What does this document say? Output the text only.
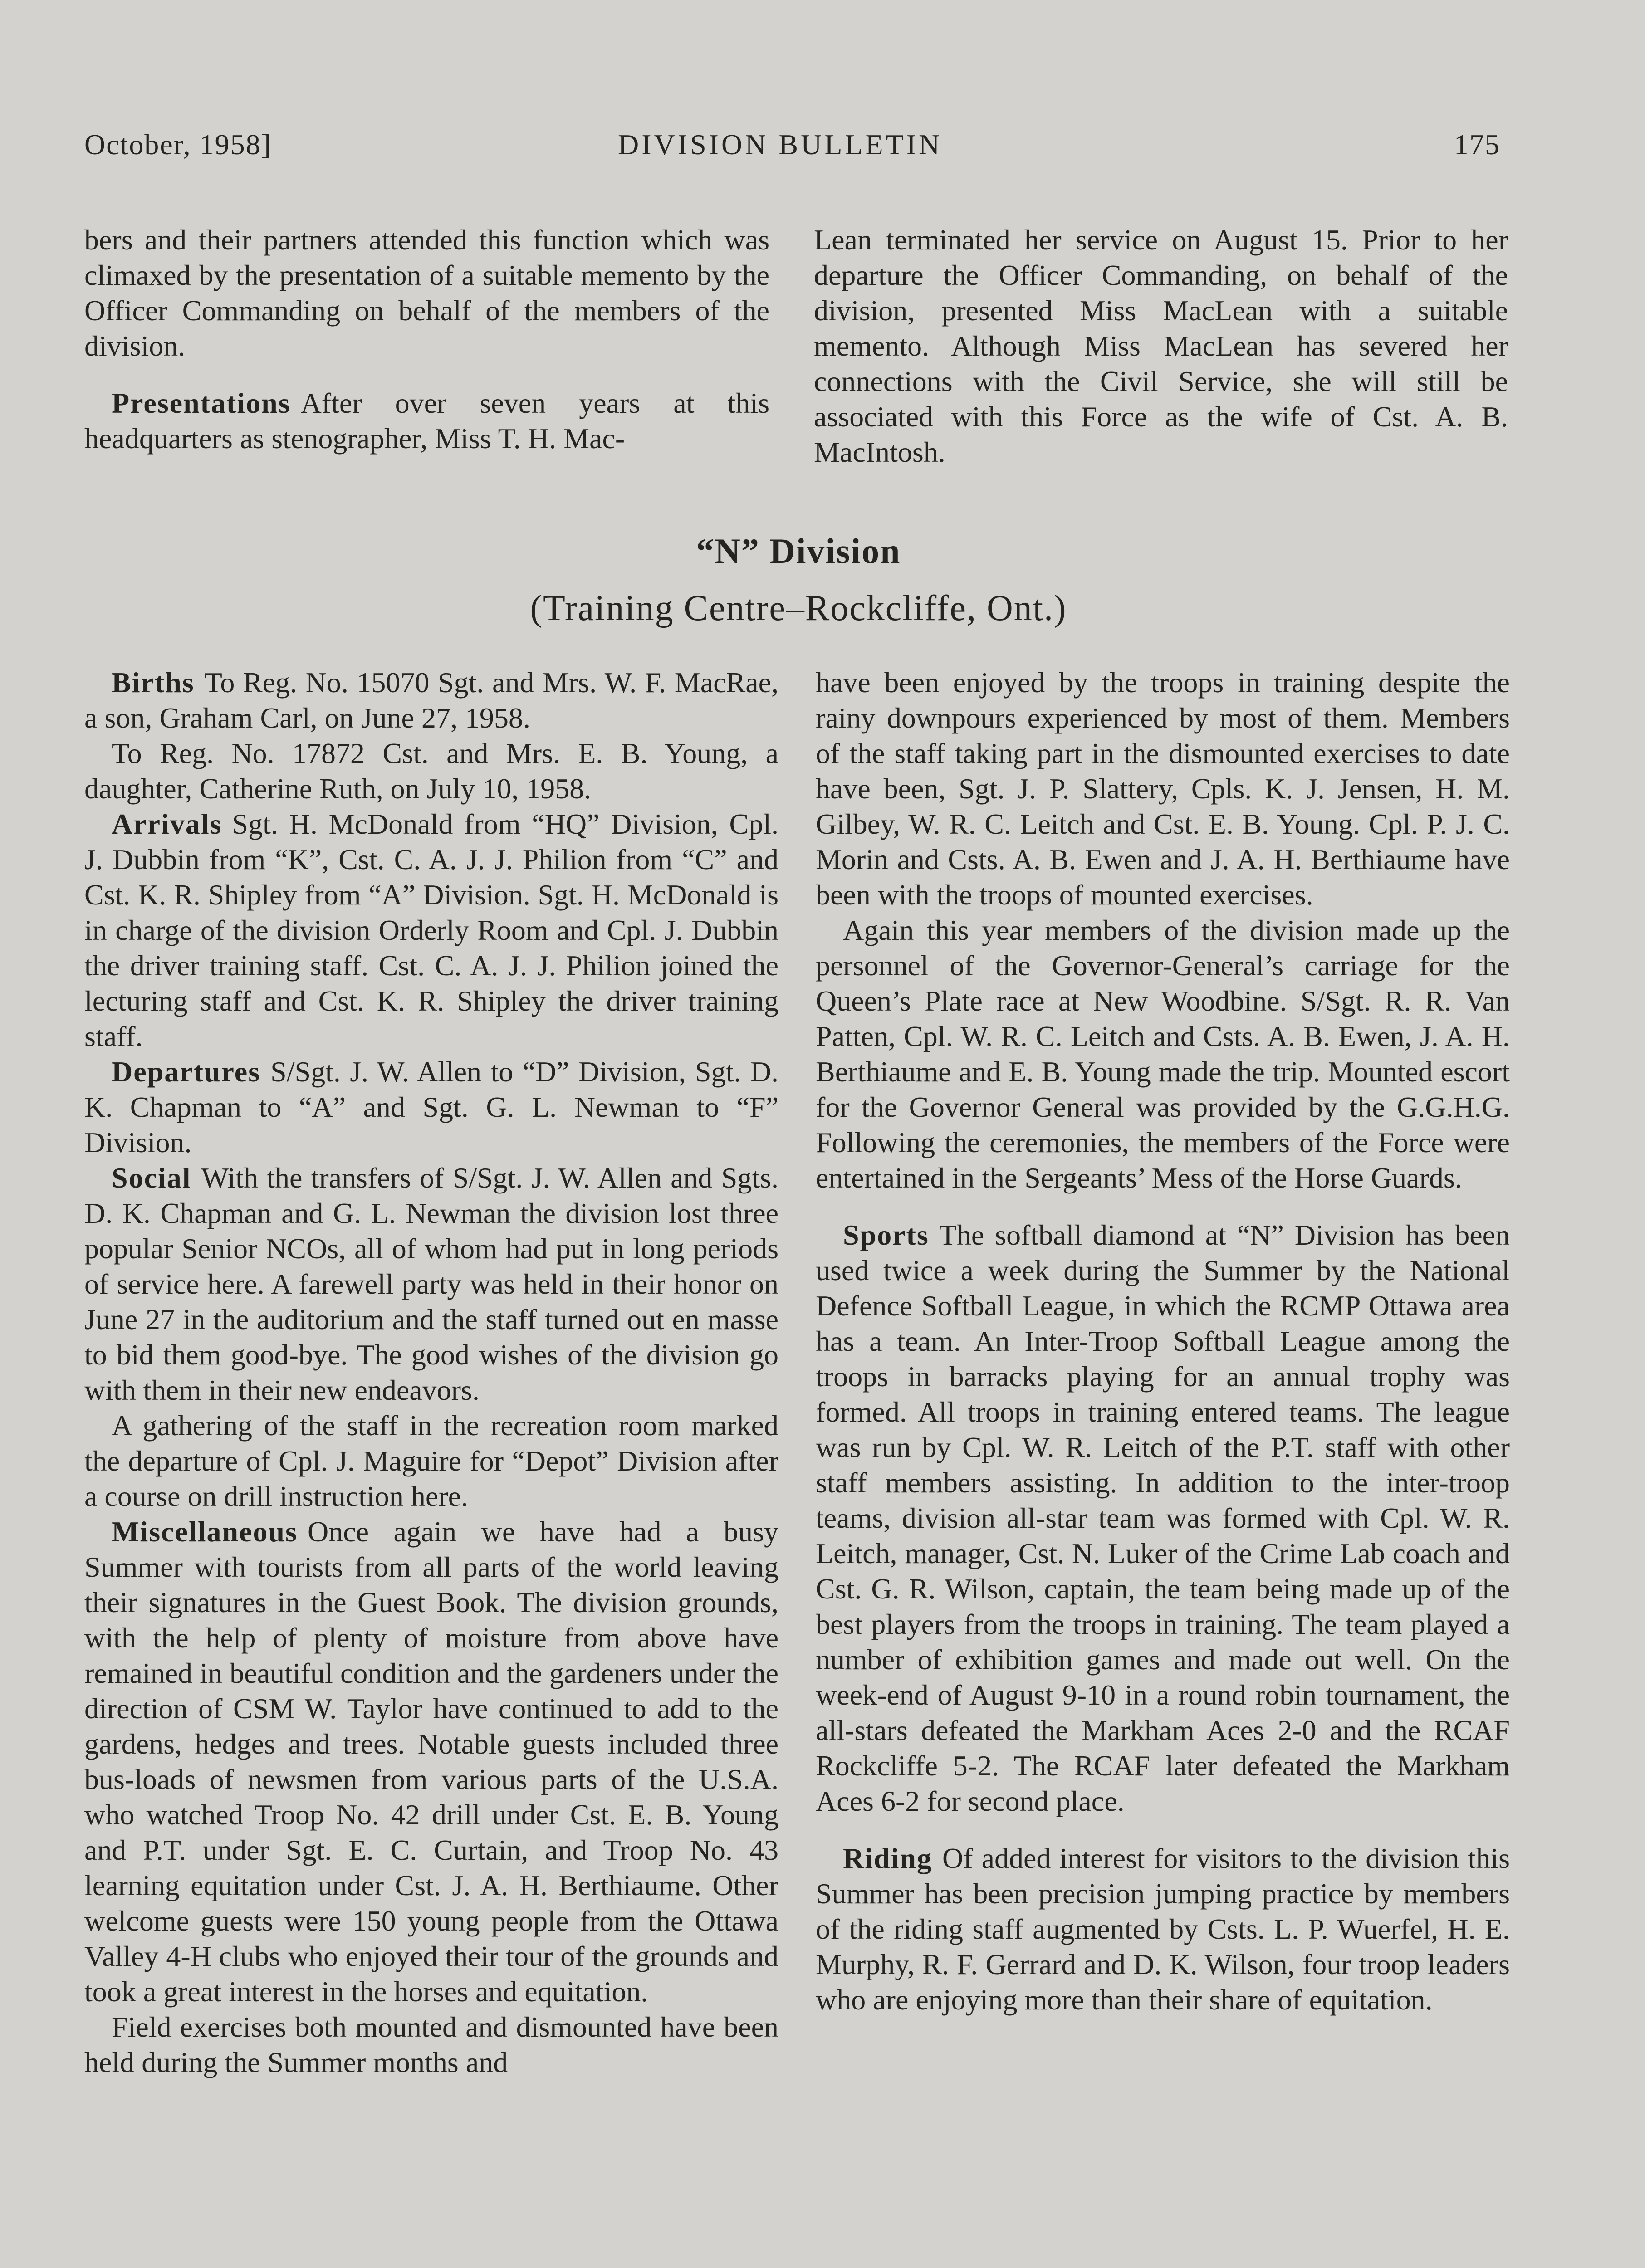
October, 1958]	DIVISION BULLETIN	175

bers and their partners attended this function which was climaxed by the presentation of a suitable memento by the Officer Commanding on behalf of the members of the division.

Presentations After over seven years at this headquarters as stenographer, Miss T. H. Mac-

Lean terminated her service on August 15. Prior to her departure the Officer Commanding, on behalf of the division, presented Miss MacLean with a suitable memento. Although Miss MacLean has severed her connections with the Civil Service, she will still be associated with this Force as the wife of Cst. A. B. MacIntosh.

“N” Division
(Training Centre–Rockcliffe, Ont.)

Births To Reg. No. 15070 Sgt. and Mrs. W. F. MacRae, a son, Graham Carl, on June 27, 1958.

To Reg. No. 17872 Cst. and Mrs. E. B. Young, a daughter, Catherine Ruth, on July 10, 1958.

Arrivals Sgt. H. McDonald from “HQ” Division, Cpl. J. Dubbin from “K”, Cst. C. A. J. J. Philion from “C” and Cst. K. R. Shipley from “A” Division. Sgt. H. McDonald is in charge of the division Orderly Room and Cpl. J. Dubbin the driver training staff. Cst. C. A. J. J. Philion joined the lecturing staff and Cst. K. R. Shipley the driver training staff.

Departures S/Sgt. J. W. Allen to “D” Division, Sgt. D. K. Chapman to “A” and Sgt. G. L. Newman to “F” Division.

Social With the transfers of S/Sgt. J. W. Allen and Sgts. D. K. Chapman and G. L. Newman the division lost three popular Senior NCOs, all of whom had put in long periods of service here. A farewell party was held in their honor on June 27 in the auditorium and the staff turned out en masse to bid them good-bye. The good wishes of the division go with them in their new endeavors.

A gathering of the staff in the recreation room marked the departure of Cpl. J. Maguire for “Depot” Division after a course on drill instruction here.

Miscellaneous Once again we have had a busy Summer with tourists from all parts of the world leaving their signatures in the Guest Book. The division grounds, with the help of plenty of moisture from above have remained in beautiful condition and the gardeners under the direction of CSM W. Taylor have continued to add to the gardens, hedges and trees. Notable guests included three bus-loads of newsmen from various parts of the U.S.A. who watched Troop No. 42 drill under Cst. E. B. Young and P.T. under Sgt. E. C. Curtain, and Troop No. 43 learning equitation under Cst. J. A. H. Berthiaume. Other welcome guests were 150 young people from the Ottawa Valley 4-H clubs who enjoyed their tour of the grounds and took a great interest in the horses and equitation.

Field exercises both mounted and dismounted have been held during the Summer months and

have been enjoyed by the troops in training despite the rainy downpours experienced by most of them. Members of the staff taking part in the dismounted exercises to date have been, Sgt. J. P. Slattery, Cpls. K. J. Jensen, H. M. Gilbey, W. R. C. Leitch and Cst. E. B. Young. Cpl. P. J. C. Morin and Csts. A. B. Ewen and J. A. H. Berthiaume have been with the troops of mounted exercises.

Again this year members of the division made up the personnel of the Governor-General’s carriage for the Queen’s Plate race at New Woodbine. S/Sgt. R. R. Van Patten, Cpl. W. R. C. Leitch and Csts. A. B. Ewen, J. A. H. Berthiaume and E. B. Young made the trip. Mounted escort for the Governor General was provided by the G.G.H.G. Following the ceremonies, the members of the Force were entertained in the Sergeants’ Mess of the Horse Guards.

Sports The softball diamond at “N” Division has been used twice a week during the Summer by the National Defence Softball League, in which the RCMP Ottawa area has a team. An Inter-Troop Softball League among the troops in barracks playing for an annual trophy was formed. All troops in training entered teams. The league was run by Cpl. W. R. Leitch of the P.T. staff with other staff members assisting. In addition to the inter-troop teams, division all-star team was formed with Cpl. W. R. Leitch, manager, Cst. N. Luker of the Crime Lab coach and Cst. G. R. Wilson, captain, the team being made up of the best players from the troops in training. The team played a number of exhibition games and made out well. On the week-end of August 9-10 in a round robin tournament, the all-stars defeated the Markham Aces 2-0 and the RCAF Rockcliffe 5-2. The RCAF later defeated the Markham Aces 6-2 for second place.

Riding Of added interest for visitors to the division this Summer has been precision jumping practice by members of the riding staff augmented by Csts. L. P. Wuerfel, H. E. Murphy, R. F. Gerrard and D. K. Wilson, four troop leaders who are enjoying more than their share of equitation.
